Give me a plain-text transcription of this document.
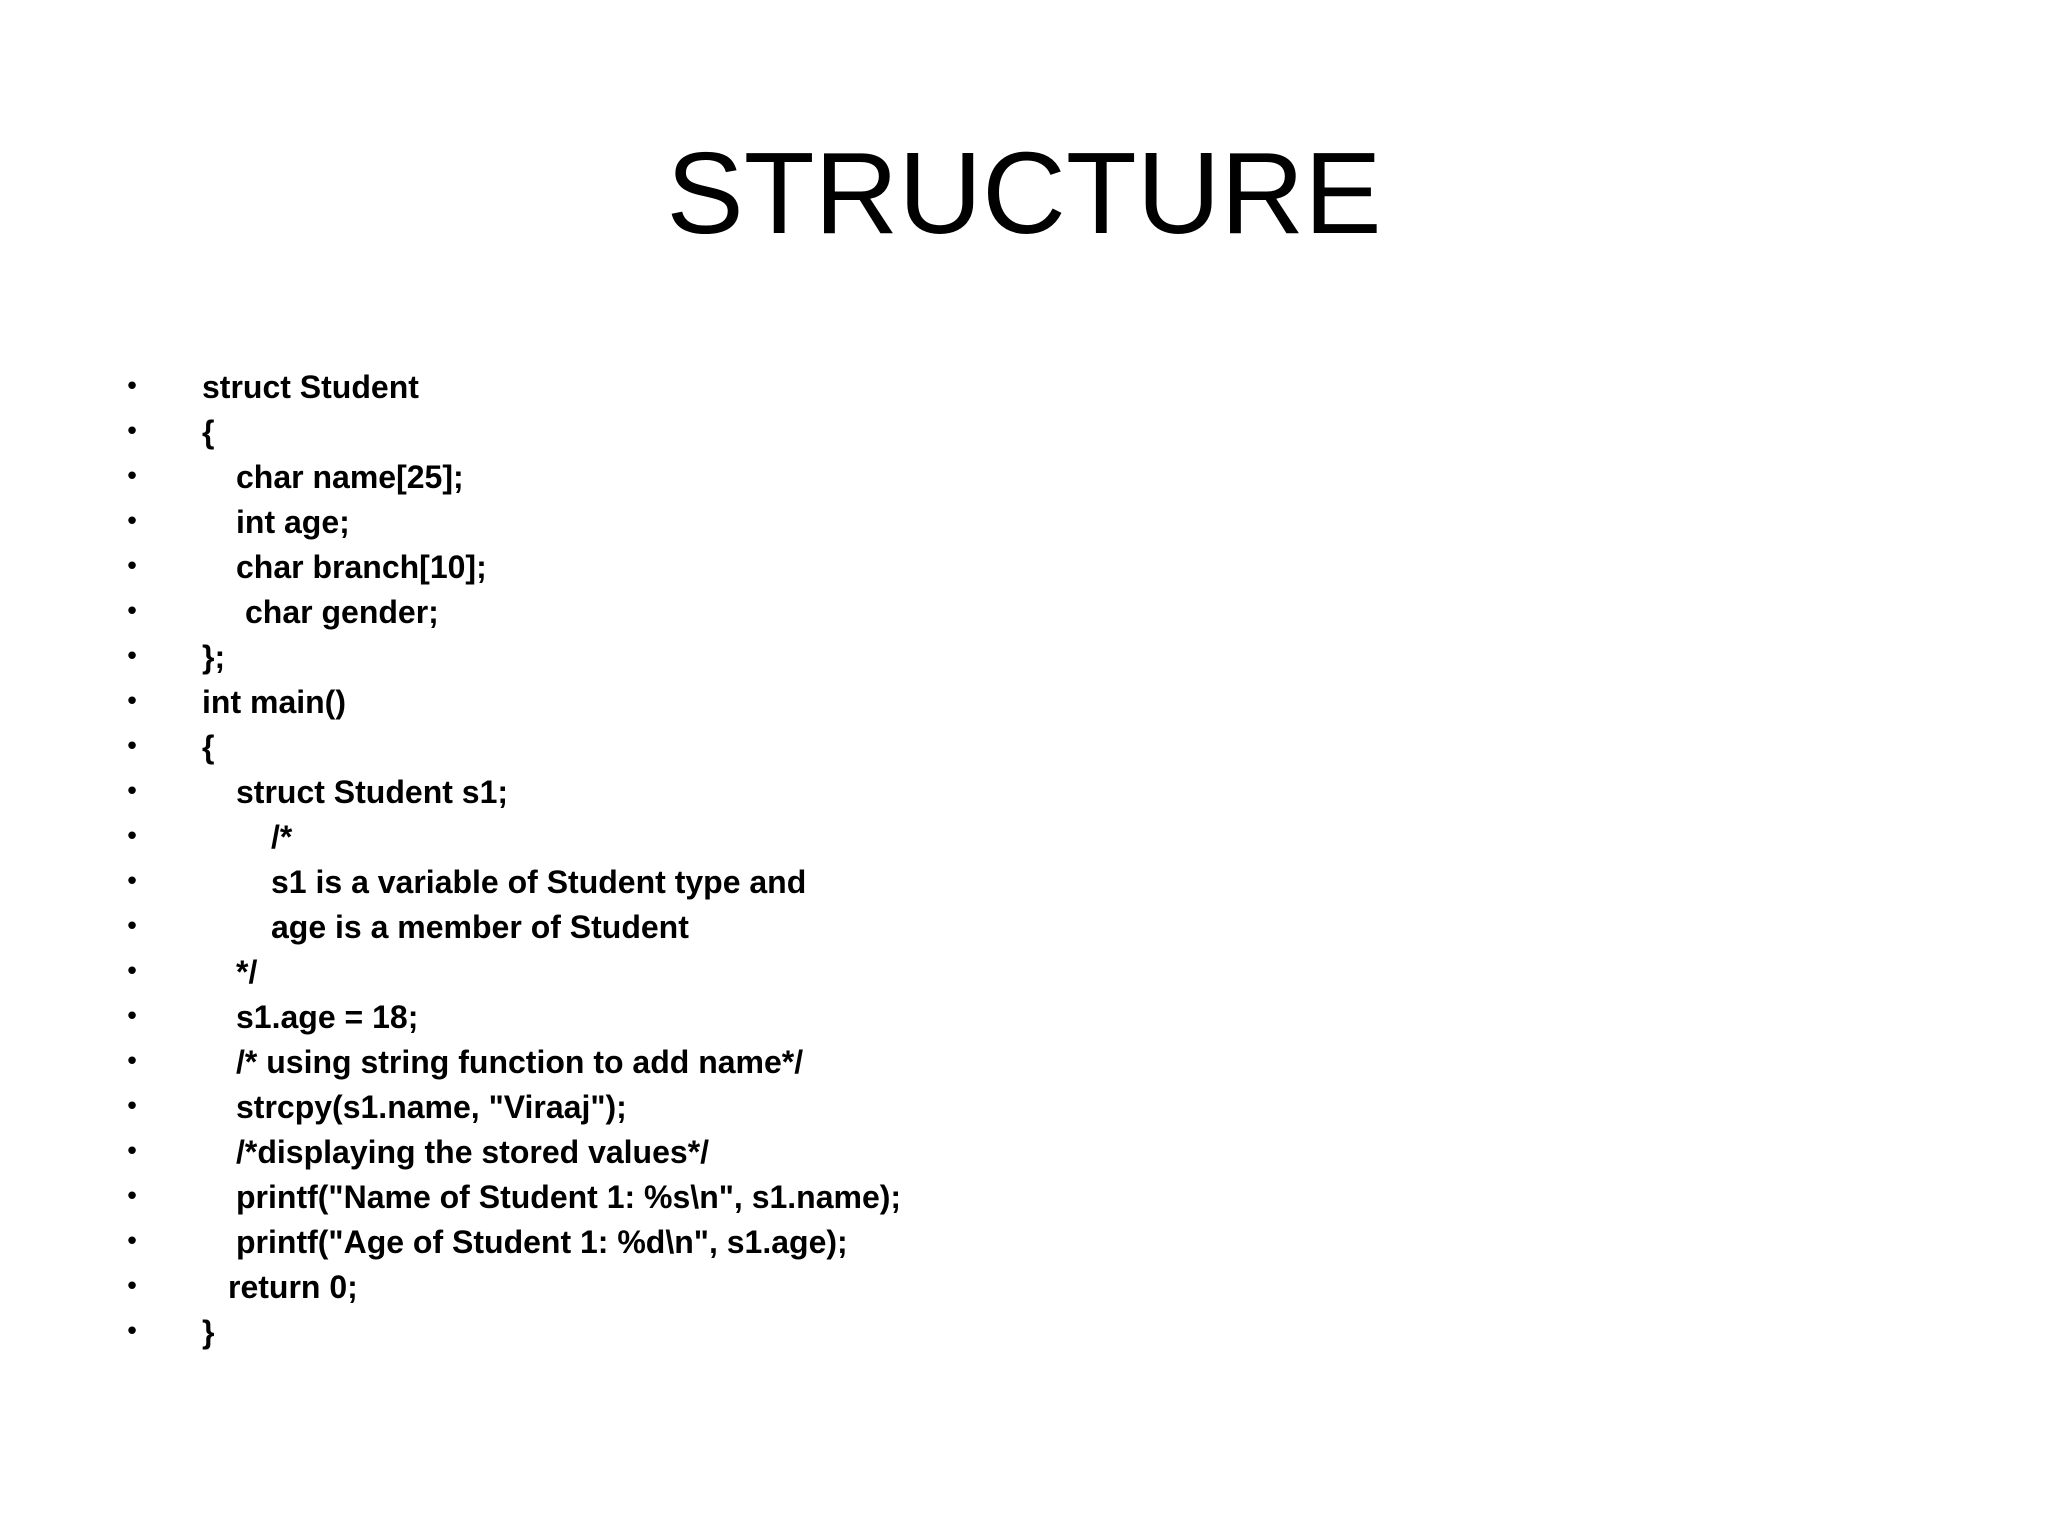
STRUCTURE
• struct Student
• {
•	char name[25];
•	int age;
•	char branch[10];
•	char gender;
• };
• int main()
• {
•	struct Student s1;
•	/*
•	s1 is a variable of Student type and
•	age is a member of Student
•	*/
•	s1.age = 18;
•	/* using string function to add name*/
•	strcpy(s1.name, "Viraaj");
•	/*displaying the stored values*/
•	printf("Name of Student 1: %s\n", s1.name);
•	printf("Age of Student 1: %d\n", s1.age);
•	return 0;
• }
